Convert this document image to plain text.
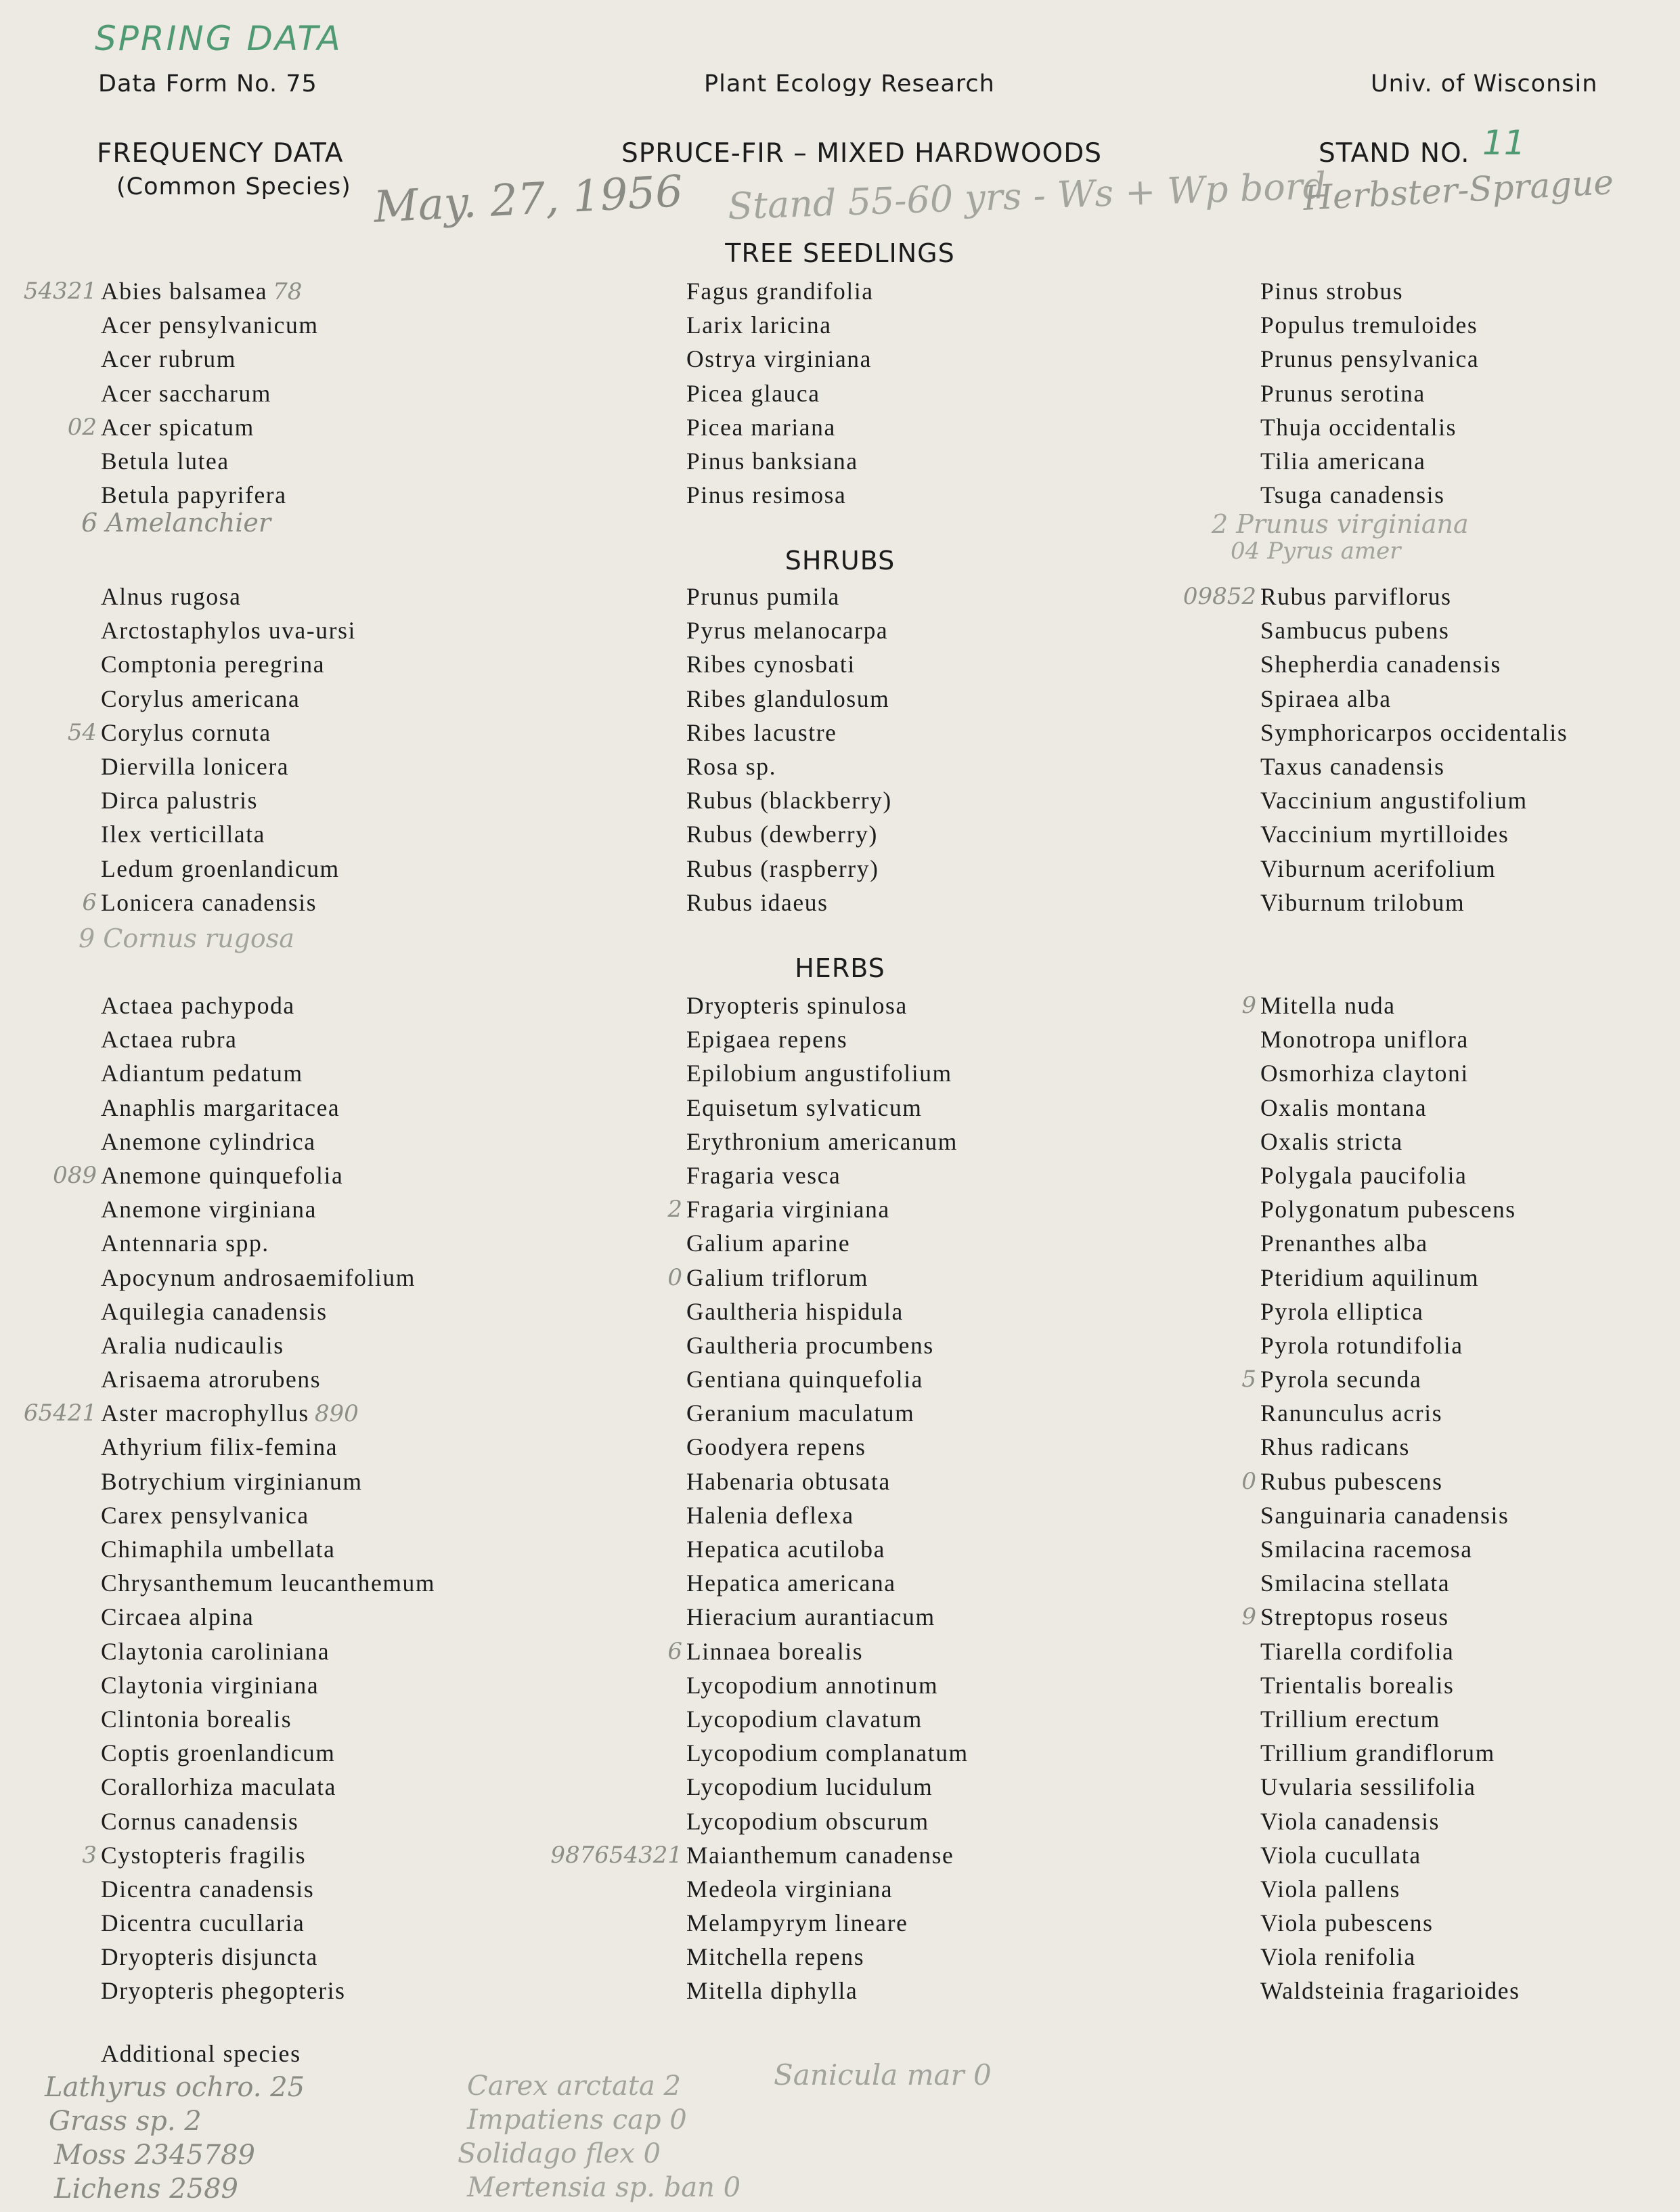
SPRING DATA
May. 27, 1956 Stand 55-60 yrs - Ws + Wp bord
11
Herbster-Sprague
Data Form No. 75	Plant Ecology Research	Univ. of Wisconsin
FREQUENCY DATA
(Common Species)
SPRUCE-FIR – MIXED HARDWOODS	STAND NO.
TREE SEEDLINGS
SHRUBS
HERBS
54321 Abies balsamea 78
Acer pensylvanicum
Acer rubrum
Acer saccharum
02 Acer spicatum
Betula lutea
Betula papyrifera
Fagus grandifolia
Larix laricina
Ostrya virginiana
Picea glauca
Picea mariana
Pinus banksiana
Pinus resimosa
Pinus strobus
Populus tremuloides
Prunus pensylvanica
Prunus serotina
Thuja occidentalis
Tilia americana
Tsuga canadensis
Alnus rugosa
Arctostaphylos uva-ursi
Comptonia peregrina
Corylus americana
54 Corylus cornuta
Diervilla lonicera
Dirca palustris
Ilex verticillata
Ledum groenlandicum
6 Lonicera canadensis
Prunus pumila
Pyrus melanocarpa
Ribes cynosbati
Ribes glandulosum
Ribes lacustre
Rosa sp.
Rubus (blackberry)
Rubus (dewberry)
Rubus (raspberry)
Rubus idaeus
09852 Rubus parviflorus
Sambucus pubens
Shepherdia canadensis
Spiraea alba
Symphoricarpos occidentalis
Taxus canadensis
Vaccinium angustifolium
Vaccinium myrtilloides
Viburnum acerifolium
Viburnum trilobum
Actaea pachypoda
Actaea rubra
Adiantum pedatum
Anaphlis margaritacea
Anemone cylindrica
089 Anemone quinquefolia
Anemone virginiana
Antennaria spp.
Apocynum androsaemifolium
Aquilegia canadensis
Aralia nudicaulis
Arisaema atrorubens
65421 Aster macrophyllus 890
Athyrium filix-femina
Botrychium virginianum
Carex pensylvanica
Chimaphila umbellata
Chrysanthemum leucanthemum
Circaea alpina
Claytonia caroliniana
Claytonia virginiana
Clintonia borealis
Coptis groenlandicum
Corallorhiza maculata
Cornus canadensis
3 Cystopteris fragilis
Dicentra canadensis
Dicentra cucullaria
Dryopteris disjuncta
Dryopteris phegopteris
Dryopteris spinulosa
Epigaea repens
Epilobium angustifolium
Equisetum sylvaticum
Erythronium americanum
Fragaria vesca
2 Fragaria virginiana
Galium aparine
0 Galium triflorum
Gaultheria hispidula
Gaultheria procumbens
Gentiana quinquefolia
Geranium maculatum
Goodyera repens
Habenaria obtusata
Halenia deflexa
Hepatica acutiloba
Hepatica americana
Hieracium aurantiacum
6 Linnaea borealis
Lycopodium annotinum
Lycopodium clavatum
Lycopodium complanatum
Lycopodium lucidulum
Lycopodium obscurum
987654321 Maianthemum canadense
Medeola virginiana
Melampyrym lineare
Mitchella repens
Mitella diphylla
9 Mitella nuda
Monotropa uniflora
Osmorhiza claytoni
Oxalis montana
Oxalis stricta
Polygala paucifolia
Polygonatum pubescens
Prenanthes alba
Pteridium aquilinum
Pyrola elliptica
Pyrola rotundifolia
5 Pyrola secunda
Ranunculus acris
Rhus radicans
0 Rubus pubescens
Sanguinaria canadensis
Smilacina racemosa
Smilacina stellata
9 Streptopus roseus
Tiarella cordifolia
Trientalis borealis
Trillium erectum
Trillium grandiflorum
Uvularia sessilifolia
Viola canadensis
Viola cucullata
Viola pallens
Viola pubescens
Viola renifolia
Waldsteinia fragarioides
6 Amelanchier	2 Prunus virginiana
04 Pyrus amer
9 Cornus rugosa
Additional species
Lathyrus ochro. 25
Grass sp. 2
Moss 2345789
Lichens 2589
Carex arctata 2
Impatiens cap 0
Solidago flex 0
Mertensia sp. ban 0
Sanicula mar 0
